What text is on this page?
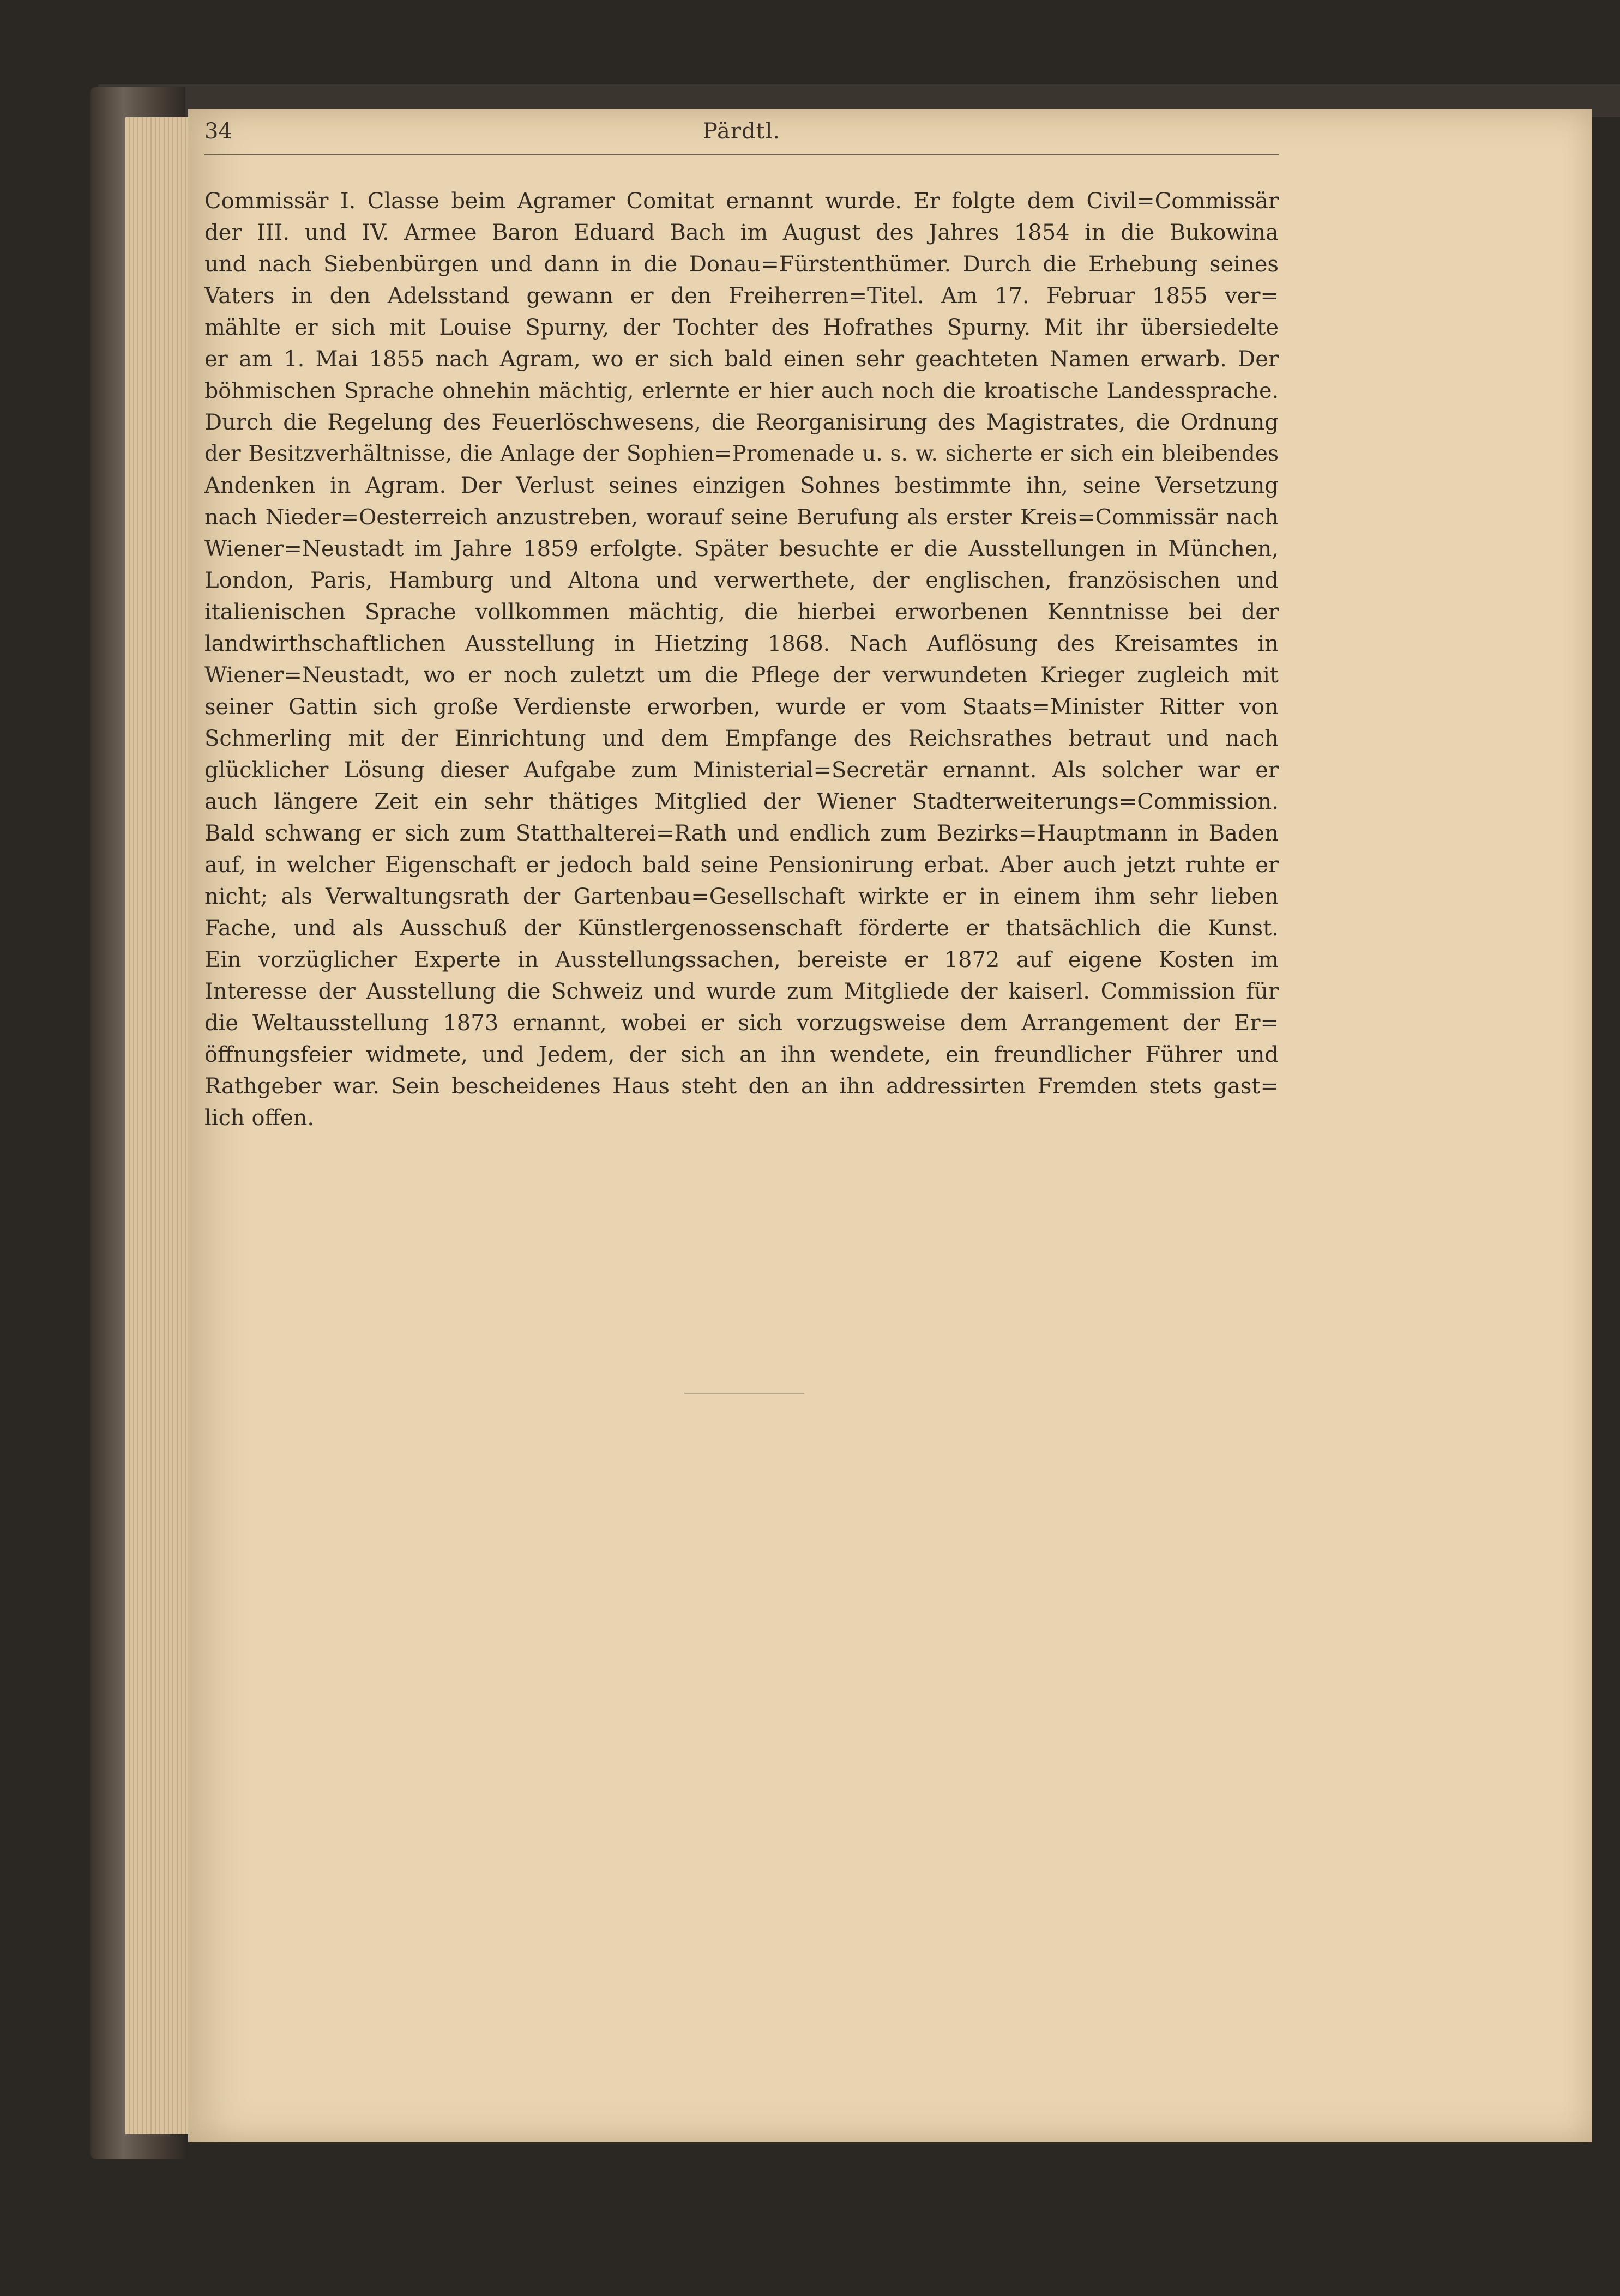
34	Pärdtl.
Commissär I. Classe beim Agramer Comitat ernannt wurde. Er folgte dem Civil=Commissär
der III. und IV. Armee Baron Eduard Bach im August des Jahres 1854 in die Bukowina
und nach Siebenbürgen und dann in die Donau=Fürstenthümer. Durch die Erhebung seines
Vaters in den Adelsstand gewann er den Freiherren=Titel. Am 17. Februar 1855 ver=
mählte er sich mit Louise Spurny, der Tochter des Hofrathes Spurny. Mit ihr übersiedelte
er am 1. Mai 1855 nach Agram, wo er sich bald einen sehr geachteten Namen erwarb. Der
böhmischen Sprache ohnehin mächtig, erlernte er hier auch noch die kroatische Landessprache.
Durch die Regelung des Feuerlöschwesens, die Reorganisirung des Magistrates, die Ordnung
der Besitzverhältnisse, die Anlage der Sophien=Promenade u. s. w. sicherte er sich ein bleibendes
Andenken in Agram. Der Verlust seines einzigen Sohnes bestimmte ihn, seine Versetzung
nach Nieder=Oesterreich anzustreben, worauf seine Berufung als erster Kreis=Commissär nach
Wiener=Neustadt im Jahre 1859 erfolgte. Später besuchte er die Ausstellungen in München,
London, Paris, Hamburg und Altona und verwerthete, der englischen, französischen und
italienischen Sprache vollkommen mächtig, die hierbei erworbenen Kenntnisse bei der
landwirthschaftlichen Ausstellung in Hietzing 1868. Nach Auflösung des Kreisamtes in
Wiener=Neustadt, wo er noch zuletzt um die Pflege der verwundeten Krieger zugleich mit
seiner Gattin sich große Verdienste erworben, wurde er vom Staats=Minister Ritter von
Schmerling mit der Einrichtung und dem Empfange des Reichsrathes betraut und nach
glücklicher Lösung dieser Aufgabe zum Ministerial=Secretär ernannt. Als solcher war er
auch längere Zeit ein sehr thätiges Mitglied der Wiener Stadterweiterungs=Commission.
Bald schwang er sich zum Statthalterei=Rath und endlich zum Bezirks=Hauptmann in Baden
auf, in welcher Eigenschaft er jedoch bald seine Pensionirung erbat. Aber auch jetzt ruhte er
nicht; als Verwaltungsrath der Gartenbau=Gesellschaft wirkte er in einem ihm sehr lieben
Fache, und als Ausschuß der Künstlergenossenschaft förderte er thatsächlich die Kunst.
Ein vorzüglicher Experte in Ausstellungssachen, bereiste er 1872 auf eigene Kosten im
Interesse der Ausstellung die Schweiz und wurde zum Mitgliede der kaiserl. Commission für
die Weltausstellung 1873 ernannt, wobei er sich vorzugsweise dem Arrangement der Er=
öffnungsfeier widmete, und Jedem, der sich an ihn wendete, ein freundlicher Führer und
Rathgeber war. Sein bescheidenes Haus steht den an ihn addressirten Fremden stets gast=
lich offen.
